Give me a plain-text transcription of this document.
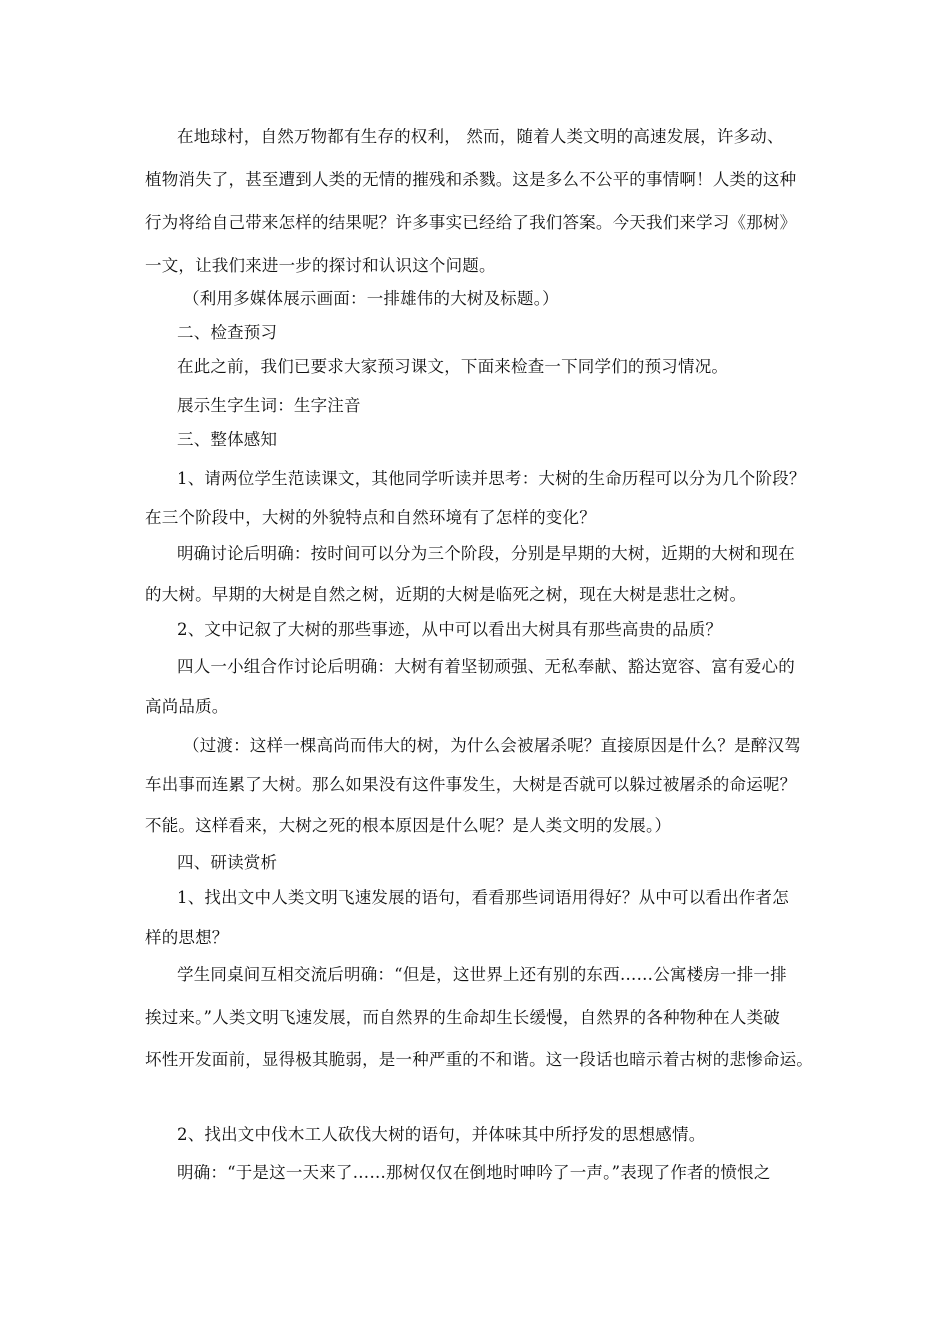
在地球村，自然万物都有生存的权利， 然而，随着人类文明的高速发展，许多动、
植物消失了，甚至遭到人类的无情的摧残和杀戮。这是多么不公平的事情啊！人类的这种
行为将给自己带来怎样的结果呢？许多事实已经给了我们答案。今天我们来学习《那树》
一文，让我们来进一步的探讨和认识这个问题。
（利用多媒体展示画面：一排雄伟的大树及标题。）
二、检查预习
在此之前，我们已要求大家预习课文，下面来检查一下同学们的预习情况。
展示生字生词：生字注音
三、整体感知
1、请两位学生范读课文，其他同学听读并思考：大树的生命历程可以分为几个阶段？
在三个阶段中，大树的外貌特点和自然环境有了怎样的变化？
明确讨论后明确：按时间可以分为三个阶段，分别是早期的大树，近期的大树和现在
的大树。早期的大树是自然之树，近期的大树是临死之树，现在大树是悲壮之树。
2、文中记叙了大树的那些事迹，从中可以看出大树具有那些高贵的品质？
四人一小组合作讨论后明确：大树有着坚韧顽强、无私奉献、豁达宽容、富有爱心的
高尚品质。
（过渡：这样一棵高尚而伟大的树，为什么会被屠杀呢？直接原因是什么？是醉汉驾
车出事而连累了大树。那么如果没有这件事发生，大树是否就可以躲过被屠杀的命运呢？
不能。这样看来，大树之死的根本原因是什么呢？是人类文明的发展。）
四、研读赏析
1、找出文中人类文明飞速发展的语句，看看那些词语用得好？从中可以看出作者怎
样的思想？
学生同桌间互相交流后明确：“但是，这世界上还有别的东西……公寓楼房一排一排
挨过来。”人类文明飞速发展，而自然界的生命却生长缓慢，自然界的各种物种在人类破
坏性开发面前，显得极其脆弱，是一种严重的不和谐。这一段话也暗示着古树的悲惨命运。
2、找出文中伐木工人砍伐大树的语句，并体味其中所抒发的思想感情。
明确：“于是这一天来了……那树仅仅在倒地时呻吟了一声。”表现了作者的愤恨之
